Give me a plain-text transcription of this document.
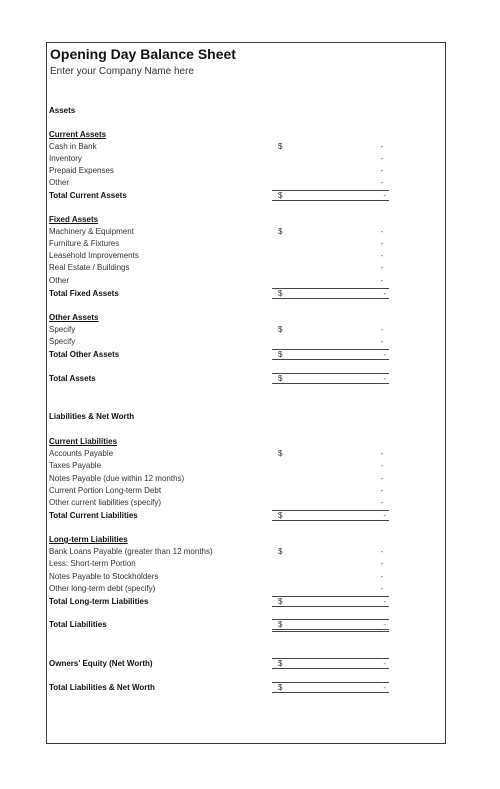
Opening Day Balance Sheet
Enter your Company Name here
Assets
Current Assets
Cash in Bank	$	-
Inventory	-
Prepaid Expenses	-
Other	-
Total Current Assets	$	-
Fixed Assets
Machinery & Equipment	$	-
Furniture & Fixtures	-
Leasehold Improvements	-
Real Estate / Buildings	-
Other	-
Total Fixed Assets	$	-
Other Assets
Specify	$	-
Specify	-
Total Other Assets	$	-
Total Assets	$	-
Liabilities & Net Worth
Current Liabilities
Accounts Payable	$	-
Taxes Payable	-
Notes Payable (due within 12 months)	-
Current Portion Long-term Debt	-
Other current liabilities (specify)	-
Total Current Liabilities	$	-
Long-term Liabilities
Bank Loans Payable (greater than 12 months)	$	-
Less: Short-term Portion	-
Notes Payable to Stockholders	-
Other long-term debt (specify)	-
Total Long-term Liabilities	$	-
Total Liabilities	$	-
Owners' Equity (Net Worth)	$	-
Total Liabilities & Net Worth	$	-
